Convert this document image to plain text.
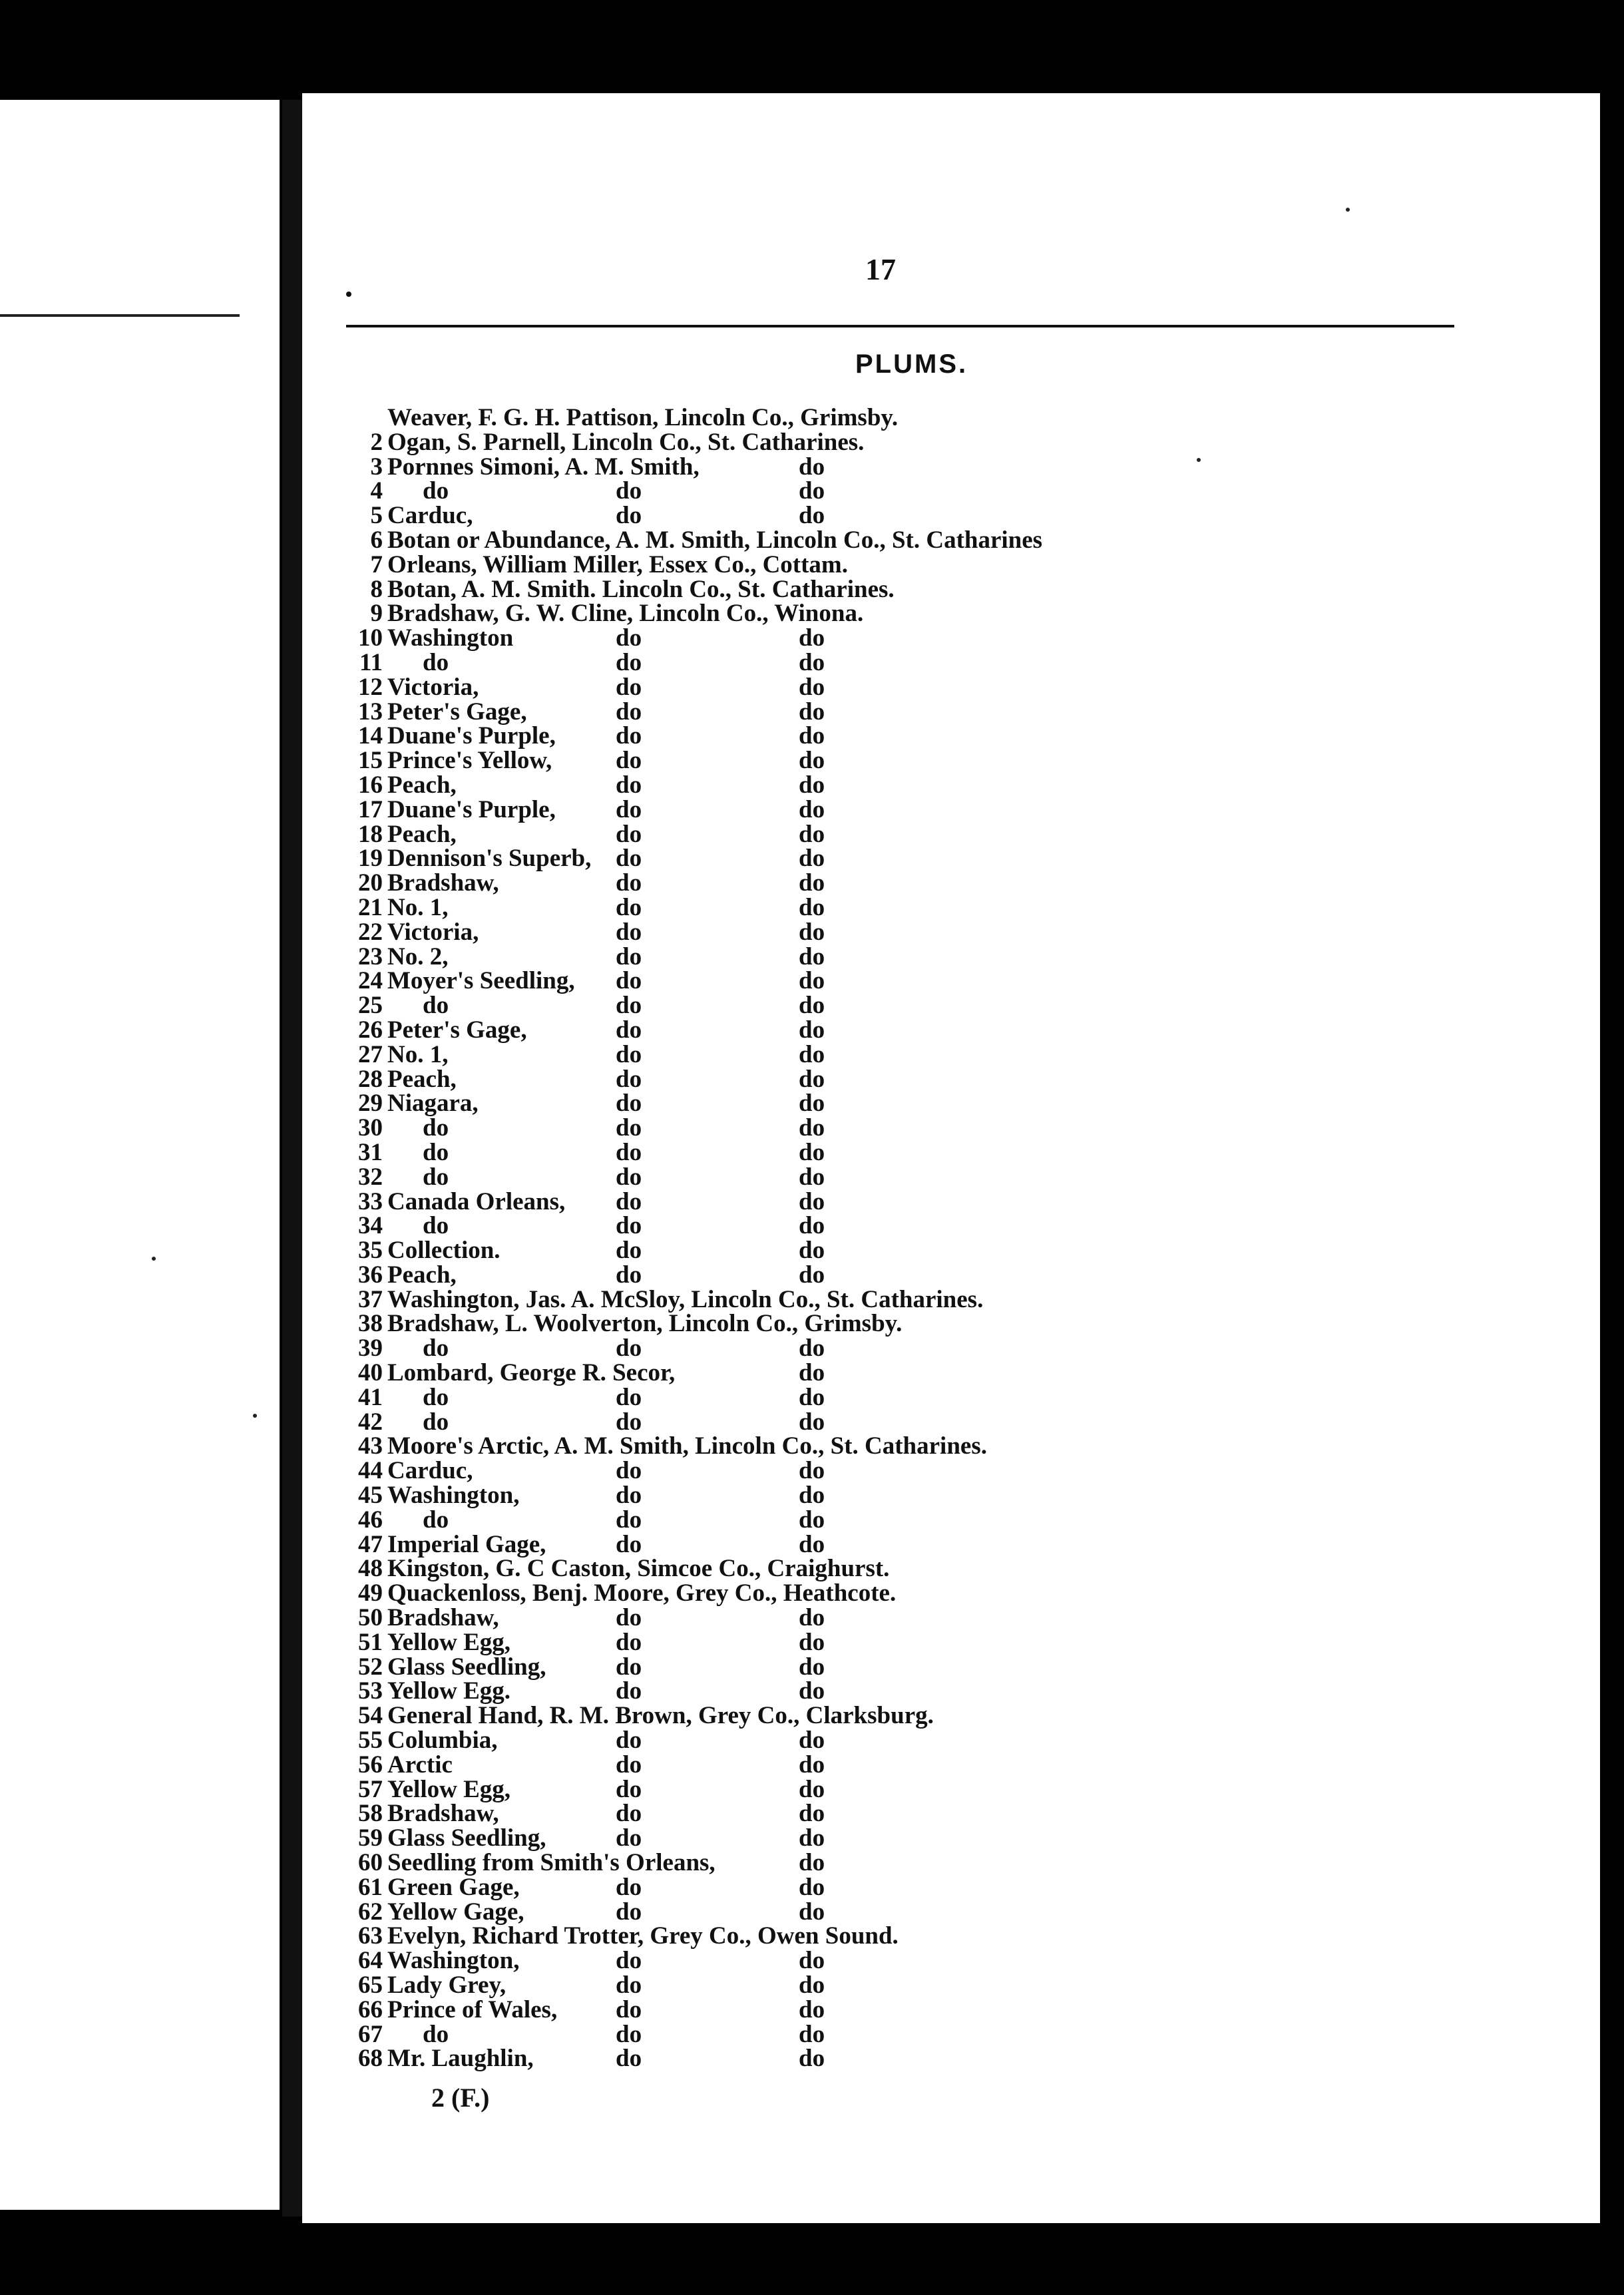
17
PLUMS.
Weaver, F. G. H. Pattison, Lincoln Co., Grimsby.
2 Ogan, S. Parnell, Lincoln Co., St. Catharines.
3 Pornnes Simoni, A. M. Smith,	do
4 do	do	do
5 Carduc,	do	do
6 Botan or Abundance, A. M. Smith, Lincoln Co., St. Catharines
7 Orleans, William Miller, Essex Co., Cottam.
8 Botan, A. M. Smith. Lincoln Co., St. Catharines.
9 Bradshaw, G. W. Cline, Lincoln Co., Winona.
10 Washington	do	do
11 do	do	do
12 Victoria,	do	do
13 Peter's Gage,	do	do
14 Duane's Purple, do	do
15 Prince's Yellow,	do	do
16 Peach,	do	do
17 Duane's Purple, do	do
18 Peach,	do	do
19 Dennison's Superb, do	do
20 Bradshaw,	do	do
21 No. 1,	do	do
22 Victoria,	do	do
23 No. 2,	do	do
24 Moyer's Seedling, do	do
25 do	do	do
26 Peter's Gage,	do	do
27 No. 1,	do	do
28 Peach,	do	do
29 Niagara,	do	do
30 do	do	do
31 do	do	do
32 do	do	do
33 Canada Orleans, do	do
34 do	do	do
35 Collection.	do	do
36 Peach,	do	do
37 Washington, Jas. A. McSloy, Lincoln Co., St. Catharines.
38 Bradshaw, L. Woolverton, Lincoln Co., Grimsby.
39 do	do	do
40 Lombard, George R. Secor,	do
41 do	do	do
42 do	do	do
43 Moore's Arctic, A. M. Smith, Lincoln Co., St. Catharines.
44 Carduc,	do	do
45 Washington,	do	do
46 do	do	do
47 Imperial Gage,	do	do
48 Kingston, G. C Caston, Simcoe Co., Craighurst.
49 Quackenloss, Benj. Moore, Grey Co., Heathcote.
50 Bradshaw,	do	do
51 Yellow Egg,	do	do
52 Glass Seedling,	do	do
53 Yellow Egg.	do	do
54 General Hand, R. M. Brown, Grey Co., Clarksburg.
55 Columbia,	do	do
56 Arctic	do	do
57 Yellow Egg,	do	do
58 Bradshaw,	do	do
59 Glass Seedling,	do	do
60 Seedling from Smith's Orleans,	do
61 Green Gage,	do	do
62 Yellow Gage,	do	do
63 Evelyn, Richard Trotter, Grey Co., Owen Sound.
64 Washington,	do	do
65 Lady Grey,	do	do
66 Prince of Wales, do	do
67 do	do	do
68 Mr. Laughlin,	do	do
2 (F.)
